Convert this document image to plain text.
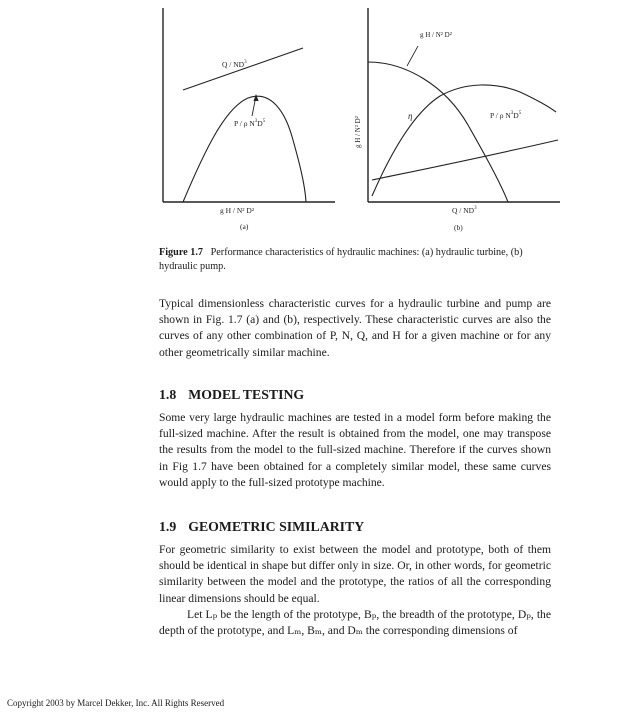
Q / $ND^3$
P / ρ $N^3D^5$
g H / N² D²
(a)
g H / N² D²
η	P / ρ $N^3D^5$
g H / N² D²
Q / $ND^3$
(b)
Figure 1.7 Performance characteristics of hydraulic machines: (a) hydraulic turbine, (b) hydraulic pump.
Typical dimensionless characteristic curves for a hydraulic turbine and pump are shown in Fig. 1.7 (a) and (b), respectively. These characteristic curves are also the curves of any other combination of P, N, Q, and H for a given machine or for any other geometrically similar machine.
1.8 MODEL TESTING
Some very large hydraulic machines are tested in a model form before making the full-sized machine. After the result is obtained from the model, one may transpose the results from the model to the full-sized machine. Therefore if the curves shown in Fig 1.7 have been obtained for a completely similar model, these same curves would apply to the full-sized prototype machine.
1.9 GEOMETRIC SIMILARITY
For geometric similarity to exist between the model and prototype, both of them should be identical in shape but differ only in size. Or, in other words, for geometric similarity between the model and the prototype, the ratios of all the corresponding linear dimensions should be equal.
Let Lₚ be the length of the prototype, Bₚ, the breadth of the prototype, Dₚ, the depth of the prototype, and Lₘ, Bₘ, and Dₘ the corresponding dimensions of
Copyright 2003 by Marcel Dekker, Inc. All Rights Reserved
